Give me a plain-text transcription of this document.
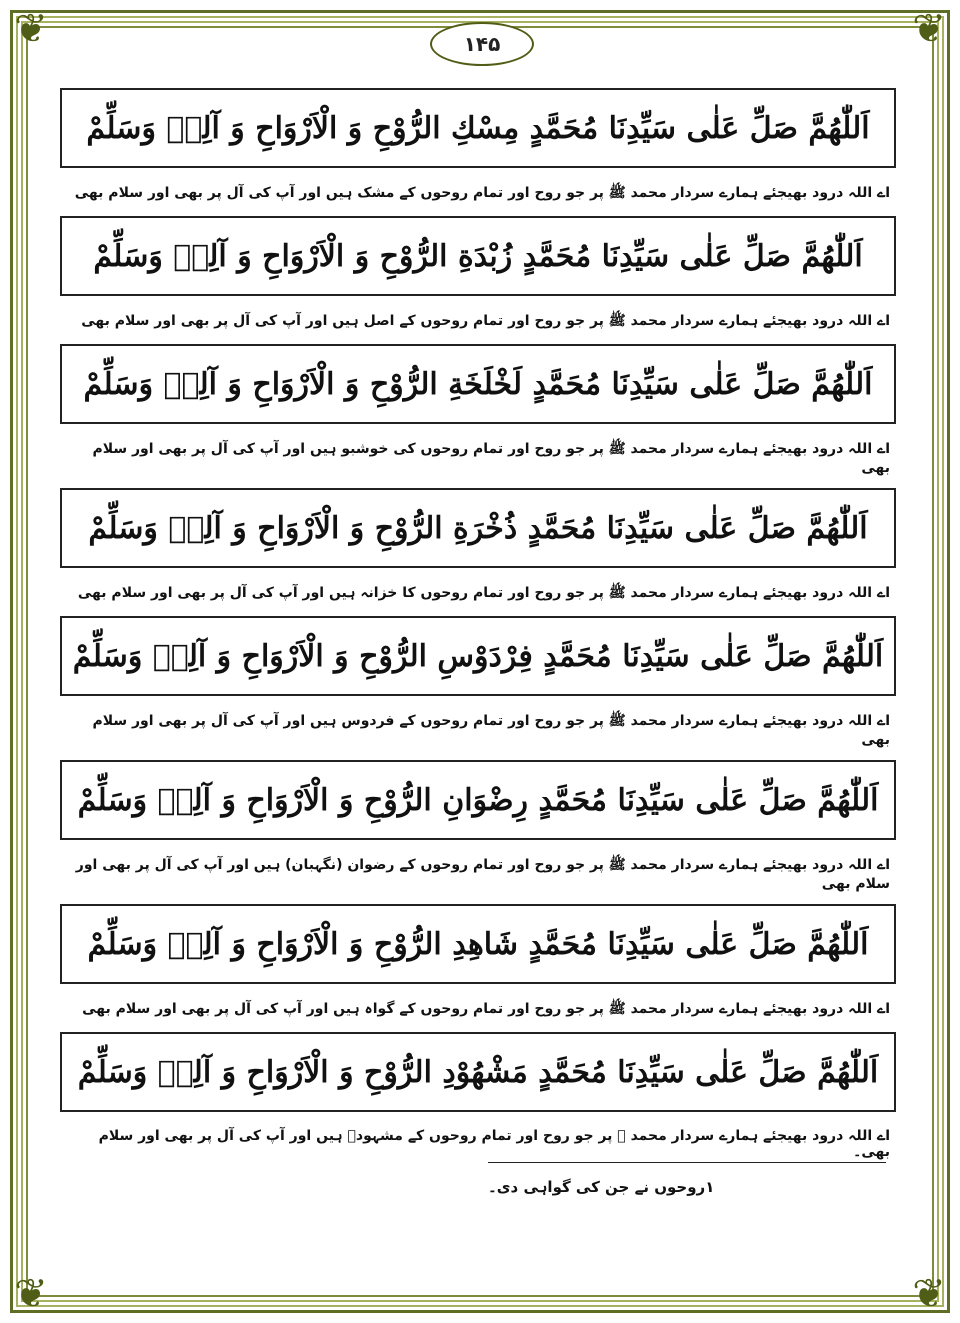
❦	❦
❦	❦
۱۴۵
اَللّٰهُمَّ صَلِّ عَلٰى سَيِّدِنَا مُحَمَّدٍ مِسْكِ الرُّوْحِ وَ الْاَرْوَاحِ وَ آلِهٖ وَسَلِّمْ
اے اللہ درود بھیجئے ہمارے سردار محمد ﷺ پر جو روح اور تمام روحوں کے مشک ہیں اور آپ کی آل پر بھی اور سلام بھی
اَللّٰهُمَّ صَلِّ عَلٰى سَيِّدِنَا مُحَمَّدٍ زُبْدَةِ الرُّوْحِ وَ الْاَرْوَاحِ وَ آلِهٖ وَسَلِّمْ
اے اللہ درود بھیجئے ہمارے سردار محمد ﷺ پر جو روح اور تمام روحوں کے اصل ہیں اور آپ کی آل پر بھی اور سلام بھی
اَللّٰهُمَّ صَلِّ عَلٰى سَيِّدِنَا مُحَمَّدٍ لَخْلَخَةِ الرُّوْحِ وَ الْاَرْوَاحِ وَ آلِهٖ وَسَلِّمْ
اے اللہ درود بھیجئے ہمارے سردار محمد ﷺ پر جو روح اور تمام روحوں کی خوشبو ہیں اور آپ کی آل پر بھی اور سلام بھی
اَللّٰهُمَّ صَلِّ عَلٰى سَيِّدِنَا مُحَمَّدٍ ذُخْرَةِ الرُّوْحِ وَ الْاَرْوَاحِ وَ آلِهٖ وَسَلِّمْ
اے اللہ درود بھیجئے ہمارے سردار محمد ﷺ پر جو روح اور تمام روحوں کا خزانہ ہیں اور آپ کی آل پر بھی اور سلام بھی
اَللّٰهُمَّ صَلِّ عَلٰى سَيِّدِنَا مُحَمَّدٍ فِرْدَوْسِ الرُّوْحِ وَ الْاَرْوَاحِ وَ آلِهٖ وَسَلِّمْ
اے اللہ درود بھیجئے ہمارے سردار محمد ﷺ پر جو روح اور تمام روحوں کے فردوس ہیں اور آپ کی آل پر بھی اور سلام بھی
اَللّٰهُمَّ صَلِّ عَلٰى سَيِّدِنَا مُحَمَّدٍ رِضْوَانِ الرُّوْحِ وَ الْاَرْوَاحِ وَ آلِهٖ وَسَلِّمْ
اے اللہ درود بھیجئے ہمارے سردار محمد ﷺ پر جو روح اور تمام روحوں کے رضوان (نگہبان) ہیں اور آپ کی آل پر بھی اور سلام بھی
اَللّٰهُمَّ صَلِّ عَلٰى سَيِّدِنَا مُحَمَّدٍ شَاهِدِ الرُّوْحِ وَ الْاَرْوَاحِ وَ آلِهٖ وَسَلِّمْ
اے اللہ درود بھیجئے ہمارے سردار محمد ﷺ پر جو روح اور تمام روحوں کے گواہ ہیں اور آپ کی آل پر بھی اور سلام بھی
اَللّٰهُمَّ صَلِّ عَلٰى سَيِّدِنَا مُحَمَّدٍ مَشْهُوْدِ الرُّوْحِ وَ الْاَرْوَاحِ وَ آلِهٖ وَسَلِّمْ
اے اللہ درود بھیجئے ہمارے سردار محمد ﷺ پر جو روح اور تمام روحوں کے مشہودؔ ہیں اور آپ کی آل پر بھی اور سلام بھی۔
۱روحوں نے جن کی گواہی دی۔
